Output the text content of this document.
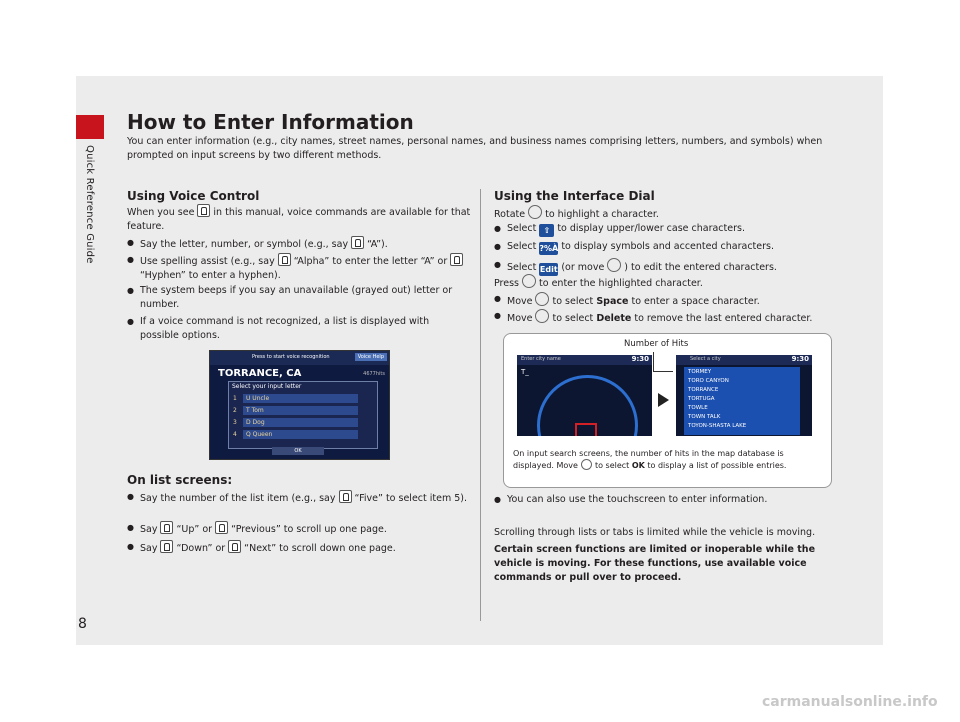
Quick Reference Guide
8
How to Enter Information

You can enter information (e.g., city names, street names, personal names, and business names comprising letters, numbers, and symbols) when prompted on input screens by two different methods.

Using Voice Control

When you see in this manual, voice commands are available for that feature.

● Say the letter, number, or symbol (e.g., say “A”).
● Use spelling assist (e.g., say “Alpha” to enter the letter “A” or“Hyphen” to enter a hyphen).
● The system beeps if you say an unavailable (grayed out) letter or number.
● If a voice command is not recognized, a list is displayed with possible options.
Press to start voice recognition	Voice Help
TORRANCE, CA	4677hits
Select your input letter
1	U Uncle
2	T Tom
3	D Dog
4	Q Queen
OK
On list screens:
● Say the number of the list item (e.g., say “Five” to select item 5).
● Say “Up” or “Previous” to scroll up one page.
● Say “Down” or “Next” to scroll down one page.
Using the Interface Dial

Rotate to highlight a character.

● Select ⇧ to display upper/lower case characters.
● Select ?%À to display symbols and accented characters.
● Select Edit (or move ) to edit the entered characters.

Press to enter the highlighted character.

● Move to select Space to enter a space character.
● Move to select Delete to remove the last entered character.
Number of Hits
Enter city name	9:30
T_
Select a city	9:30
TORMEY
TORO CANYON
TORRANCE
TORTUGA
TOWLE
TOWN TALK
TOYON-SHASTA LAKE
On input search screens, the number of hits in the map database is displayed. Move to select OK to display a list of possible entries.
● You can also use the touchscreen to enter information.

Scrolling through lists or tabs is limited while the vehicle is moving.

Certain screen functions are limited or inoperable while the vehicle is moving. For these functions, use available voice commands or pull over to proceed.

carmanualsonline.info
